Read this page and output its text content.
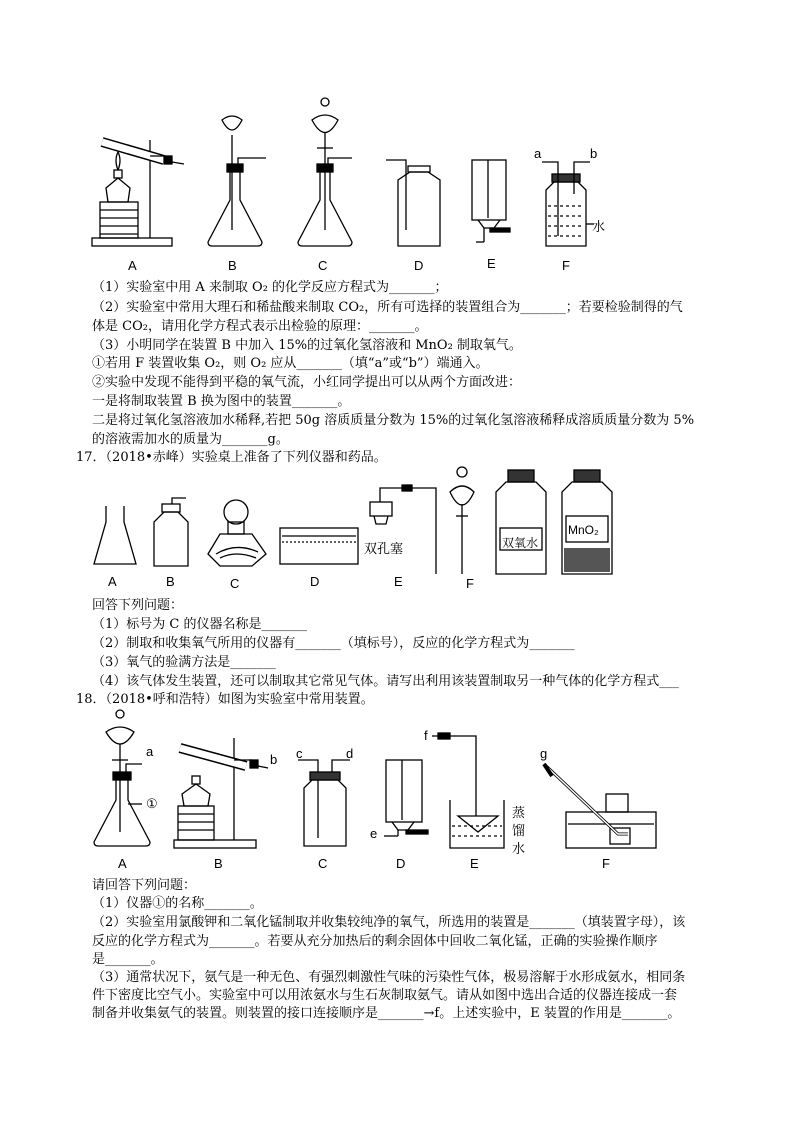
A	B	C	D	E	F
a	b
水
（1）实验室中用 A 来制取 O₂ 的化学反应方程式为_______；
（2）实验室中常用大理石和稀盐酸来制取 CO₂，所有可选择的装置组合为_______；若要检验制得的气
体是 CO₂，请用化学方程式表示出检验的原理：_______。
（3）小明同学在装置 B 中加入 15%的过氧化氢溶液和 MnO₂ 制取氧气。
①若用 F 装置收集 O₂，则 O₂ 应从_______（填“a”或“b”）端通入。
②实验中发现不能得到平稳的氧气流，小红同学提出可以从两个方面改进：
一是将制取装置 B 换为图中的装置_______。
二是将过氧化氢溶液加水稀释,若把 50g 溶质质量分数为 15%的过氧化氢溶液稀释成溶质质量分数为 5%
的溶液需加水的质量为_______g。
17．（2018•赤峰）实验桌上准备了下列仪器和药品。
A	B	C	D	E	F
双孔塞	双氧水
MnO₂
回答下列问题：
（1）标号为 C 的仪器名称是_______
（2）制取和收集氧气所用的仪器有_______（填标号），反应的化学方程式为_______
（3）氧气的验满方法是_______
（4）该气体发生装置，还可以制取其它常见气体。请写出利用该装置制取另一种气体的化学方程式___
18．（2018•呼和浩特）如图为实验室中常用装置。
a
b c	d
e
f
g
①
蒸
馏
水
A	B	C	D	E	F
请回答下列问题：
（1）仪器①的名称_______。
（2）实验室用氯酸钾和二氧化锰制取并收集较纯净的氧气，所选用的装置是_______（填装置字母），该
反应的化学方程式为_______。若要从充分加热后的剩余固体中回收二氧化锰，正确的实验操作顺序
是_______。
（3）通常状况下，氨气是一种无色、有强烈刺激性气味的污染性气体，极易溶解于水形成氨水，相同条
件下密度比空气小。实验室中可以用浓氨水与生石灰制取氨气。请从如图中选出合适的仪器连接成一套
制备并收集氨气的装置。则装置的接口连接顺序是_______→f。上述实验中，E 装置的作用是_______。
